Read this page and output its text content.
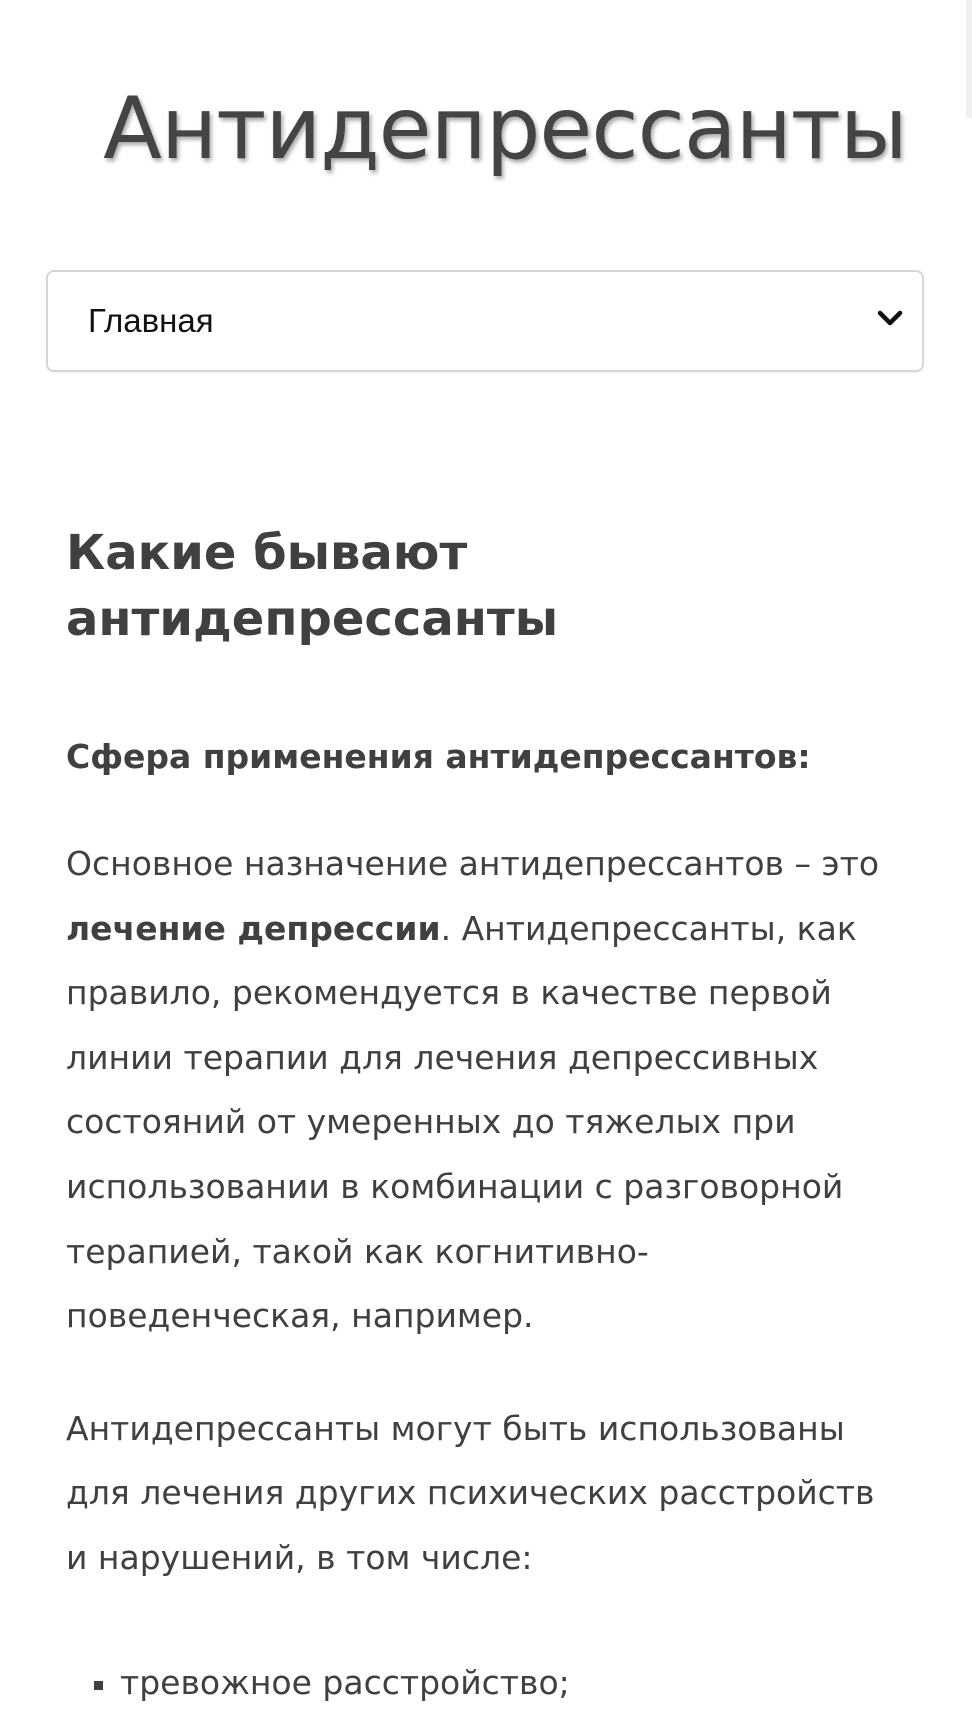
Антидепрессанты
Главная
Какие бывают антидепрессанты

Сфера применения антидепрессантов:

Основное назначение антидепрессантов – это лечение депрессии. Антидепрессанты, как правило, рекомендуется в качестве первой линии терапии для лечения депрессивных состояний от умеренных до тяжелых при использовании в комбинации с разговорной терапией, такой как когнитивно-поведенческая, например.

Антидепрессанты могут быть использованы для лечения других психических расстройств и нарушений, в том числе:

тревожное расстройство;
